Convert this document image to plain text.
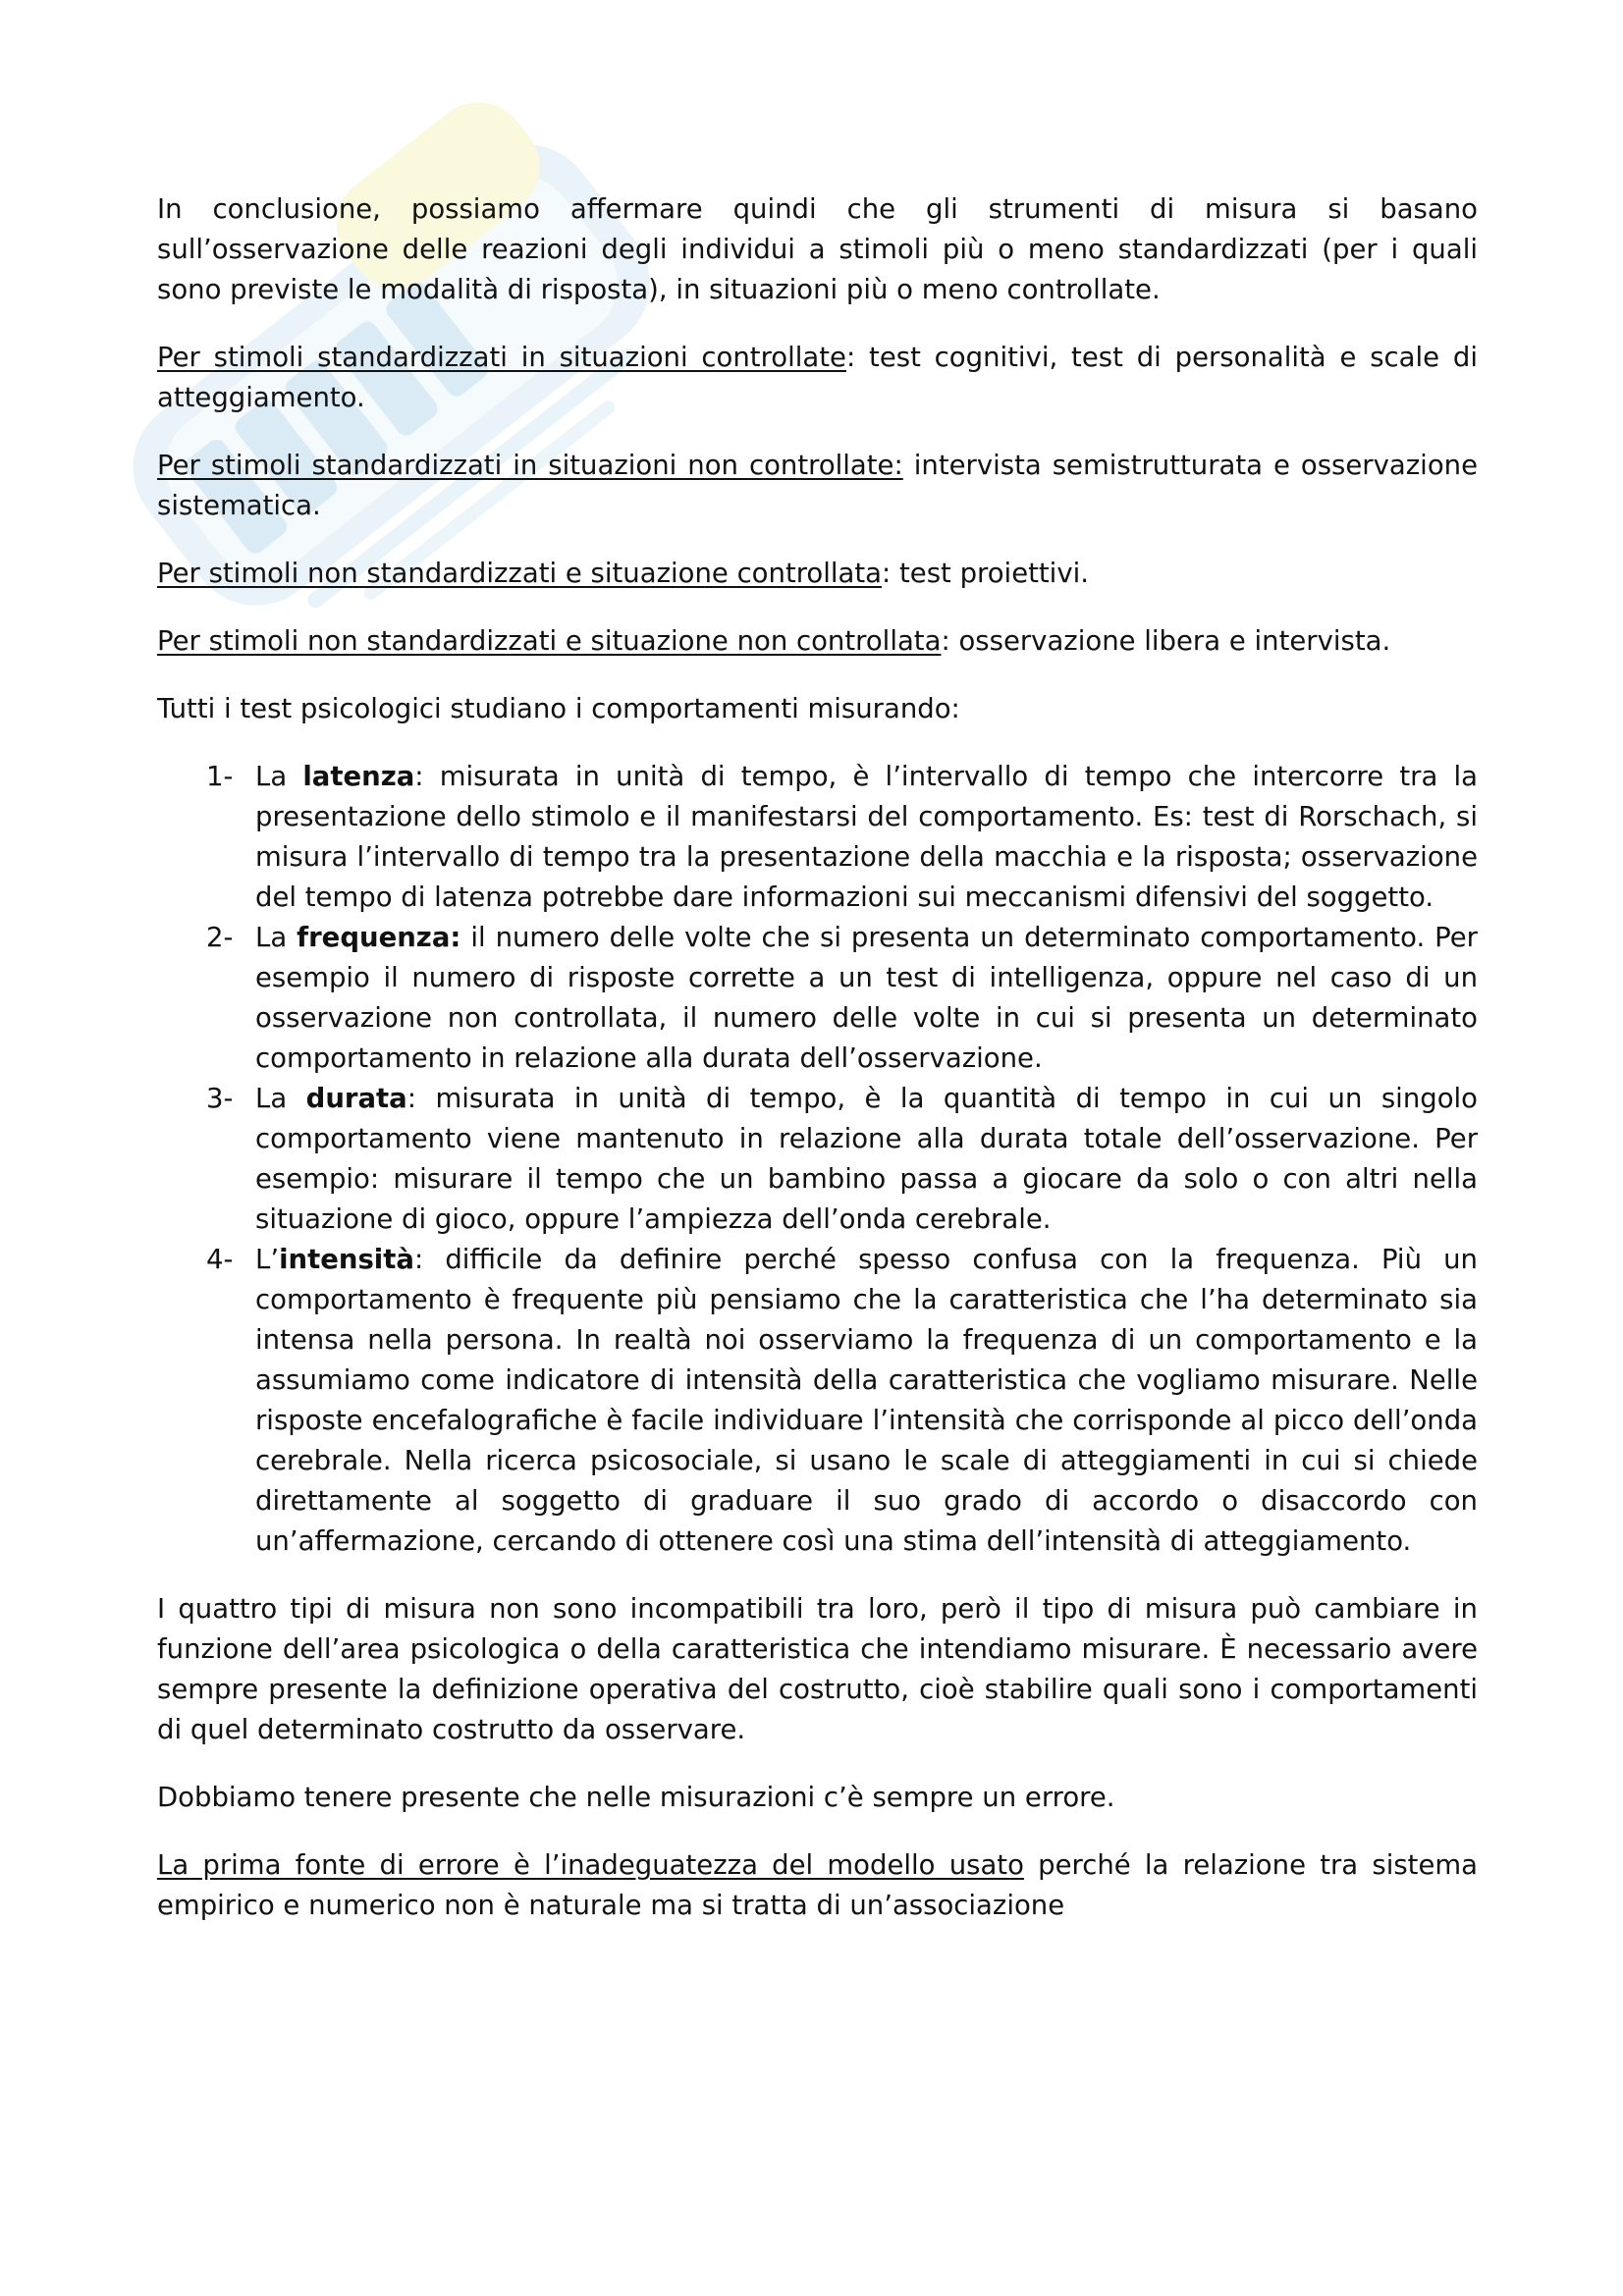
In conclusione, possiamo affermare quindi che gli strumenti di misura si basano sull’osservazione delle reazioni degli individui a stimoli più o meno standardizzati (per i quali sono previste le modalità di risposta), in situazioni più o meno controllate.

Per stimoli standardizzati in situazioni controllate: test cognitivi, test di personalità e scale di atteggiamento.

Per stimoli standardizzati in situazioni non controllate: intervista semistrutturata e osservazione sistematica.

Per stimoli non standardizzati e situazione controllata: test proiettivi.

Per stimoli non standardizzati e situazione non controllata: osservazione libera e intervista.

Tutti i test psicologici studiano i comportamenti misurando:

1- La latenza: misurata in unità di tempo, è l’intervallo di tempo che intercorre tra la presentazione dello stimolo e il manifestarsi del comportamento. Es: test di Rorschach, si misura l’intervallo di tempo tra la presentazione della macchia e la risposta; osservazione del tempo di latenza potrebbe dare informazioni sui meccanismi difensivi del soggetto.
2- La frequenza: il numero delle volte che si presenta un determinato comportamento. Per esempio il numero di risposte corrette a un test di intelligenza, oppure nel caso di un osservazione non controllata, il numero delle volte in cui si presenta un determinato comportamento in relazione alla durata dell’osservazione.
3- La durata: misurata in unità di tempo, è la quantità di tempo in cui un singolo comportamento viene mantenuto in relazione alla durata totale dell’osservazione. Per esempio: misurare il tempo che un bambino passa a giocare da solo o con altri nella situazione di gioco, oppure l’ampiezza dell’onda cerebrale.
4- L’intensità: difficile da definire perché spesso confusa con la frequenza. Più un comportamento è frequente più pensiamo che la caratteristica che l’ha determinato sia intensa nella persona. In realtà noi osserviamo la frequenza di un comportamento e la assumiamo come indicatore di intensità della caratteristica che vogliamo misurare. Nelle risposte encefalografiche è facile individuare l’intensità che corrisponde al picco dell’onda cerebrale. Nella ricerca psicosociale, si usano le scale di atteggiamenti in cui si chiede direttamente al soggetto di graduare il suo grado di accordo o disaccordo con un’affermazione, cercando di ottenere così una stima dell’intensità di atteggiamento.

I quattro tipi di misura non sono incompatibili tra loro, però il tipo di misura può cambiare in funzione dell’area psicologica o della caratteristica che intendiamo misurare. È necessario avere sempre presente la definizione operativa del costrutto, cioè stabilire quali sono i comportamenti di quel determinato costrutto da osservare.

Dobbiamo tenere presente che nelle misurazioni c’è sempre un errore.

La prima fonte di errore è l’inadeguatezza del modello usato perché la relazione tra sistema empirico e numerico non è naturale ma si tratta di un’associazione
